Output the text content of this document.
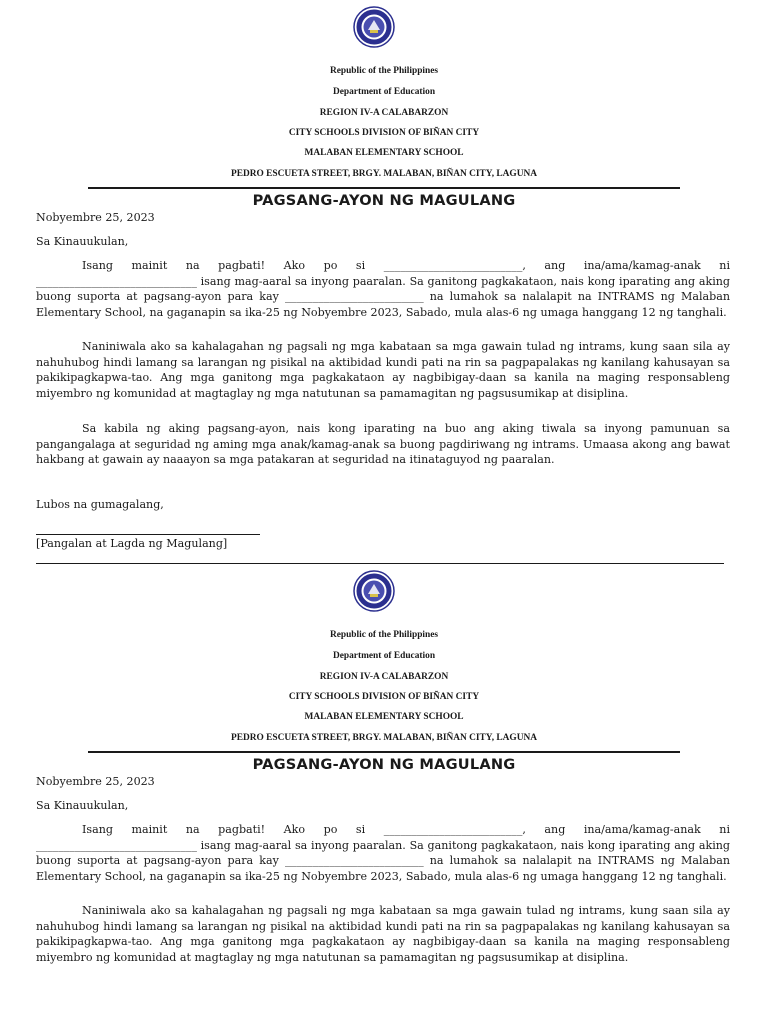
Republic of the Philippines
Department of Education
REGION IV-A CALABARZON
CITY SCHOOLS DIVISION OF BIÑAN CITY
MALABAN ELEMENTARY SCHOOL
PEDRO ESCUETA STREET, BRGY. MALABAN, BIÑAN CITY, LAGUNA
PAGSANG-AYON NG MAGULANG
Nobyembre 25, 2023
Sa Kinauukulan,

Isang mainit na pagbati! Ako po si _________________________, ang ina/ama/kamag-anak ni _____________________________ isang mag-aaral sa inyong paaralan. Sa ganitong pagkakataon, nais kong iparating ang aking buong suporta at pagsang-ayon para kay _________________________ na lumahok sa nalalapit na INTRAMS ng Malaban Elementary School, na gaganapin sa ika-25 ng Nobyembre 2023, Sabado, mula alas-6 ng umaga hanggang 12 ng tanghali.

Naniniwala ako sa kahalagahan ng pagsali ng mga kabataan sa mga gawain tulad ng intrams, kung saan sila ay nahuhubog hindi lamang sa larangan ng pisikal na aktibidad kundi pati na rin sa pagpapalakas ng kanilang kahusayan sa pakikipagkapwa-tao. Ang mga ganitong mga pagkakataon ay nagbibigay-daan sa kanila na maging responsableng miyembro ng komunidad at magtaglay ng mga natutunan sa pamamagitan ng pagsusumikap at disiplina.

Sa kabila ng aking pagsang-ayon, nais kong iparating na buo ang aking tiwala sa inyong pamunuan sa pangangalaga at seguridad ng aming mga anak/kamag-anak sa buong pagdiriwang ng intrams. Umaasa akong ang bawat hakbang at gawain ay naaayon sa mga patakaran at seguridad na itinataguyod ng paaralan.

Lubos na gumagalang,
[Pangalan at Lagda ng Magulang]
Republic of the Philippines
Department of Education
REGION IV-A CALABARZON
CITY SCHOOLS DIVISION OF BIÑAN CITY
MALABAN ELEMENTARY SCHOOL
PEDRO ESCUETA STREET, BRGY. MALABAN, BIÑAN CITY, LAGUNA
PAGSANG-AYON NG MAGULANG
Nobyembre 25, 2023
Sa Kinauukulan,

Isang mainit na pagbati! Ako po si _________________________, ang ina/ama/kamag-anak ni _____________________________ isang mag-aaral sa inyong paaralan. Sa ganitong pagkakataon, nais kong iparating ang aking buong suporta at pagsang-ayon para kay _________________________ na lumahok sa nalalapit na INTRAMS ng Malaban Elementary School, na gaganapin sa ika-25 ng Nobyembre 2023, Sabado, mula alas-6 ng umaga hanggang 12 ng tanghali.

Naniniwala ako sa kahalagahan ng pagsali ng mga kabataan sa mga gawain tulad ng intrams, kung saan sila ay nahuhubog hindi lamang sa larangan ng pisikal na aktibidad kundi pati na rin sa pagpapalakas ng kanilang kahusayan sa pakikipagkapwa-tao. Ang mga ganitong mga pagkakataon ay nagbibigay-daan sa kanila na maging responsableng miyembro ng komunidad at magtaglay ng mga natutunan sa pamamagitan ng pagsusumikap at disiplina.
